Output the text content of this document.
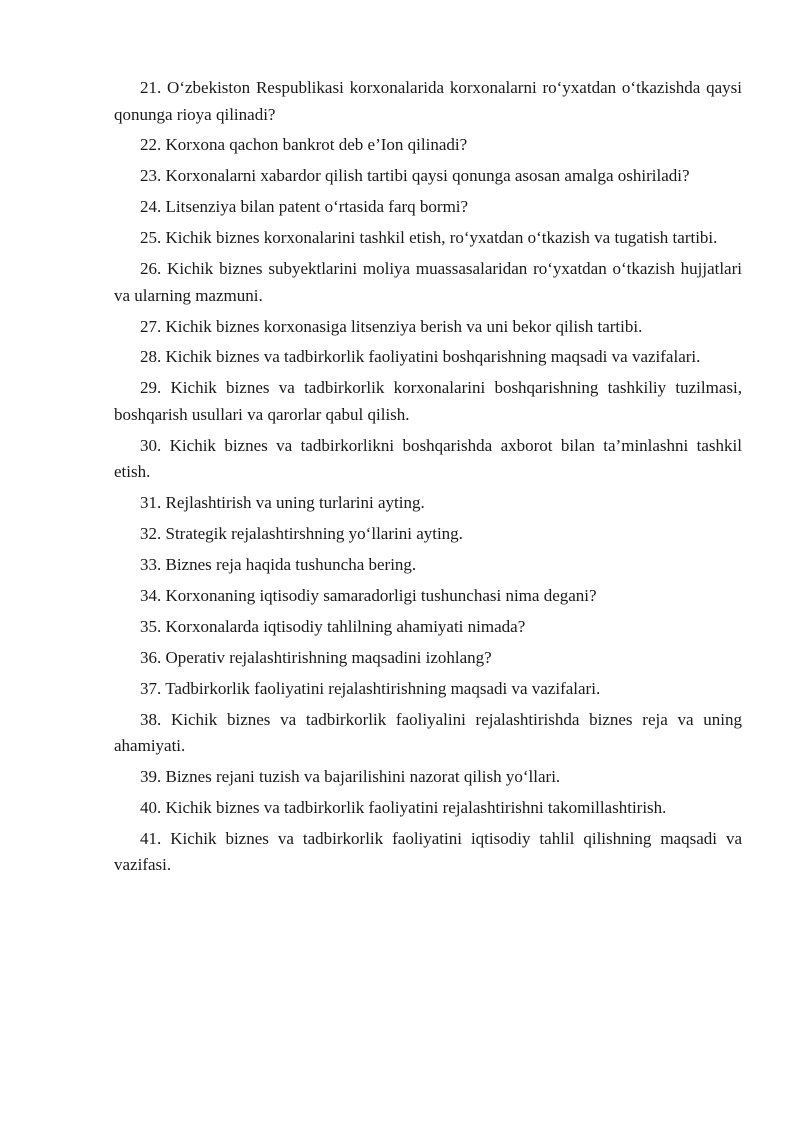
21. O‘zbekiston Respublikasi korxonalarida korxonalarni ro‘yxatdan o‘tkazishda qaysi qonunga rioya qilinadi?

22. Korxona qachon bankrot deb e’Ion qilinadi?

23. Korxonalarni xabardor qilish tartibi qaysi qonunga asosan amalga oshiriladi?

24. Litsenziya bilan patent o‘rtasida farq bormi?

25. Kichik biznes korxonalarini tashkil etish, ro‘yxatdan o‘tkazish va tugatish tartibi.

26. Kichik biznes subyektlarini moliya muassasalaridan ro‘yxatdan o‘tkazish hujjatlari va ularning mazmuni.

27. Kichik biznes korxonasiga litsenziya berish va uni bekor qilish tartibi.

28. Kichik biznes va tadbirkorlik faoliyatini boshqarishning maqsadi va vazifalari.

29. Kichik biznes va tadbirkorlik korxonalarini boshqarishning tashkiliy tuzilmasi, boshqarish usullari va qarorlar qabul qilish.

30. Kichik biznes va tadbirkorlikni boshqarishda axborot bilan ta’minlashni tashkil etish.

31. Rejlashtirish va uning turlarini ayting.

32. Strategik rejalashtirshning yo‘llarini ayting.

33. Biznes reja haqida tushuncha bering.

34. Korxonaning iqtisodiy samaradorligi tushunchasi nima degani?

35. Korxonalarda iqtisodiy tahlilning ahamiyati nimada?

36. Operativ rejalashtirishning maqsadini izohlang?

37. Tadbirkorlik faoliyatini rejalashtirishning maqsadi va vazifalari.

38. Kichik biznes va tadbirkorlik faoliyalini rejalashtirishda biznes reja va uning ahamiyati.

39. Biznes rejani tuzish va bajarilishini nazorat qilish yo‘llari.

40. Kichik biznes va tadbirkorlik faoliyatini rejalashtirishni takomillashtirish.

41. Kichik biznes va tadbirkorlik faoliyatini iqtisodiy tahlil qilishning maqsadi va vazifasi.
